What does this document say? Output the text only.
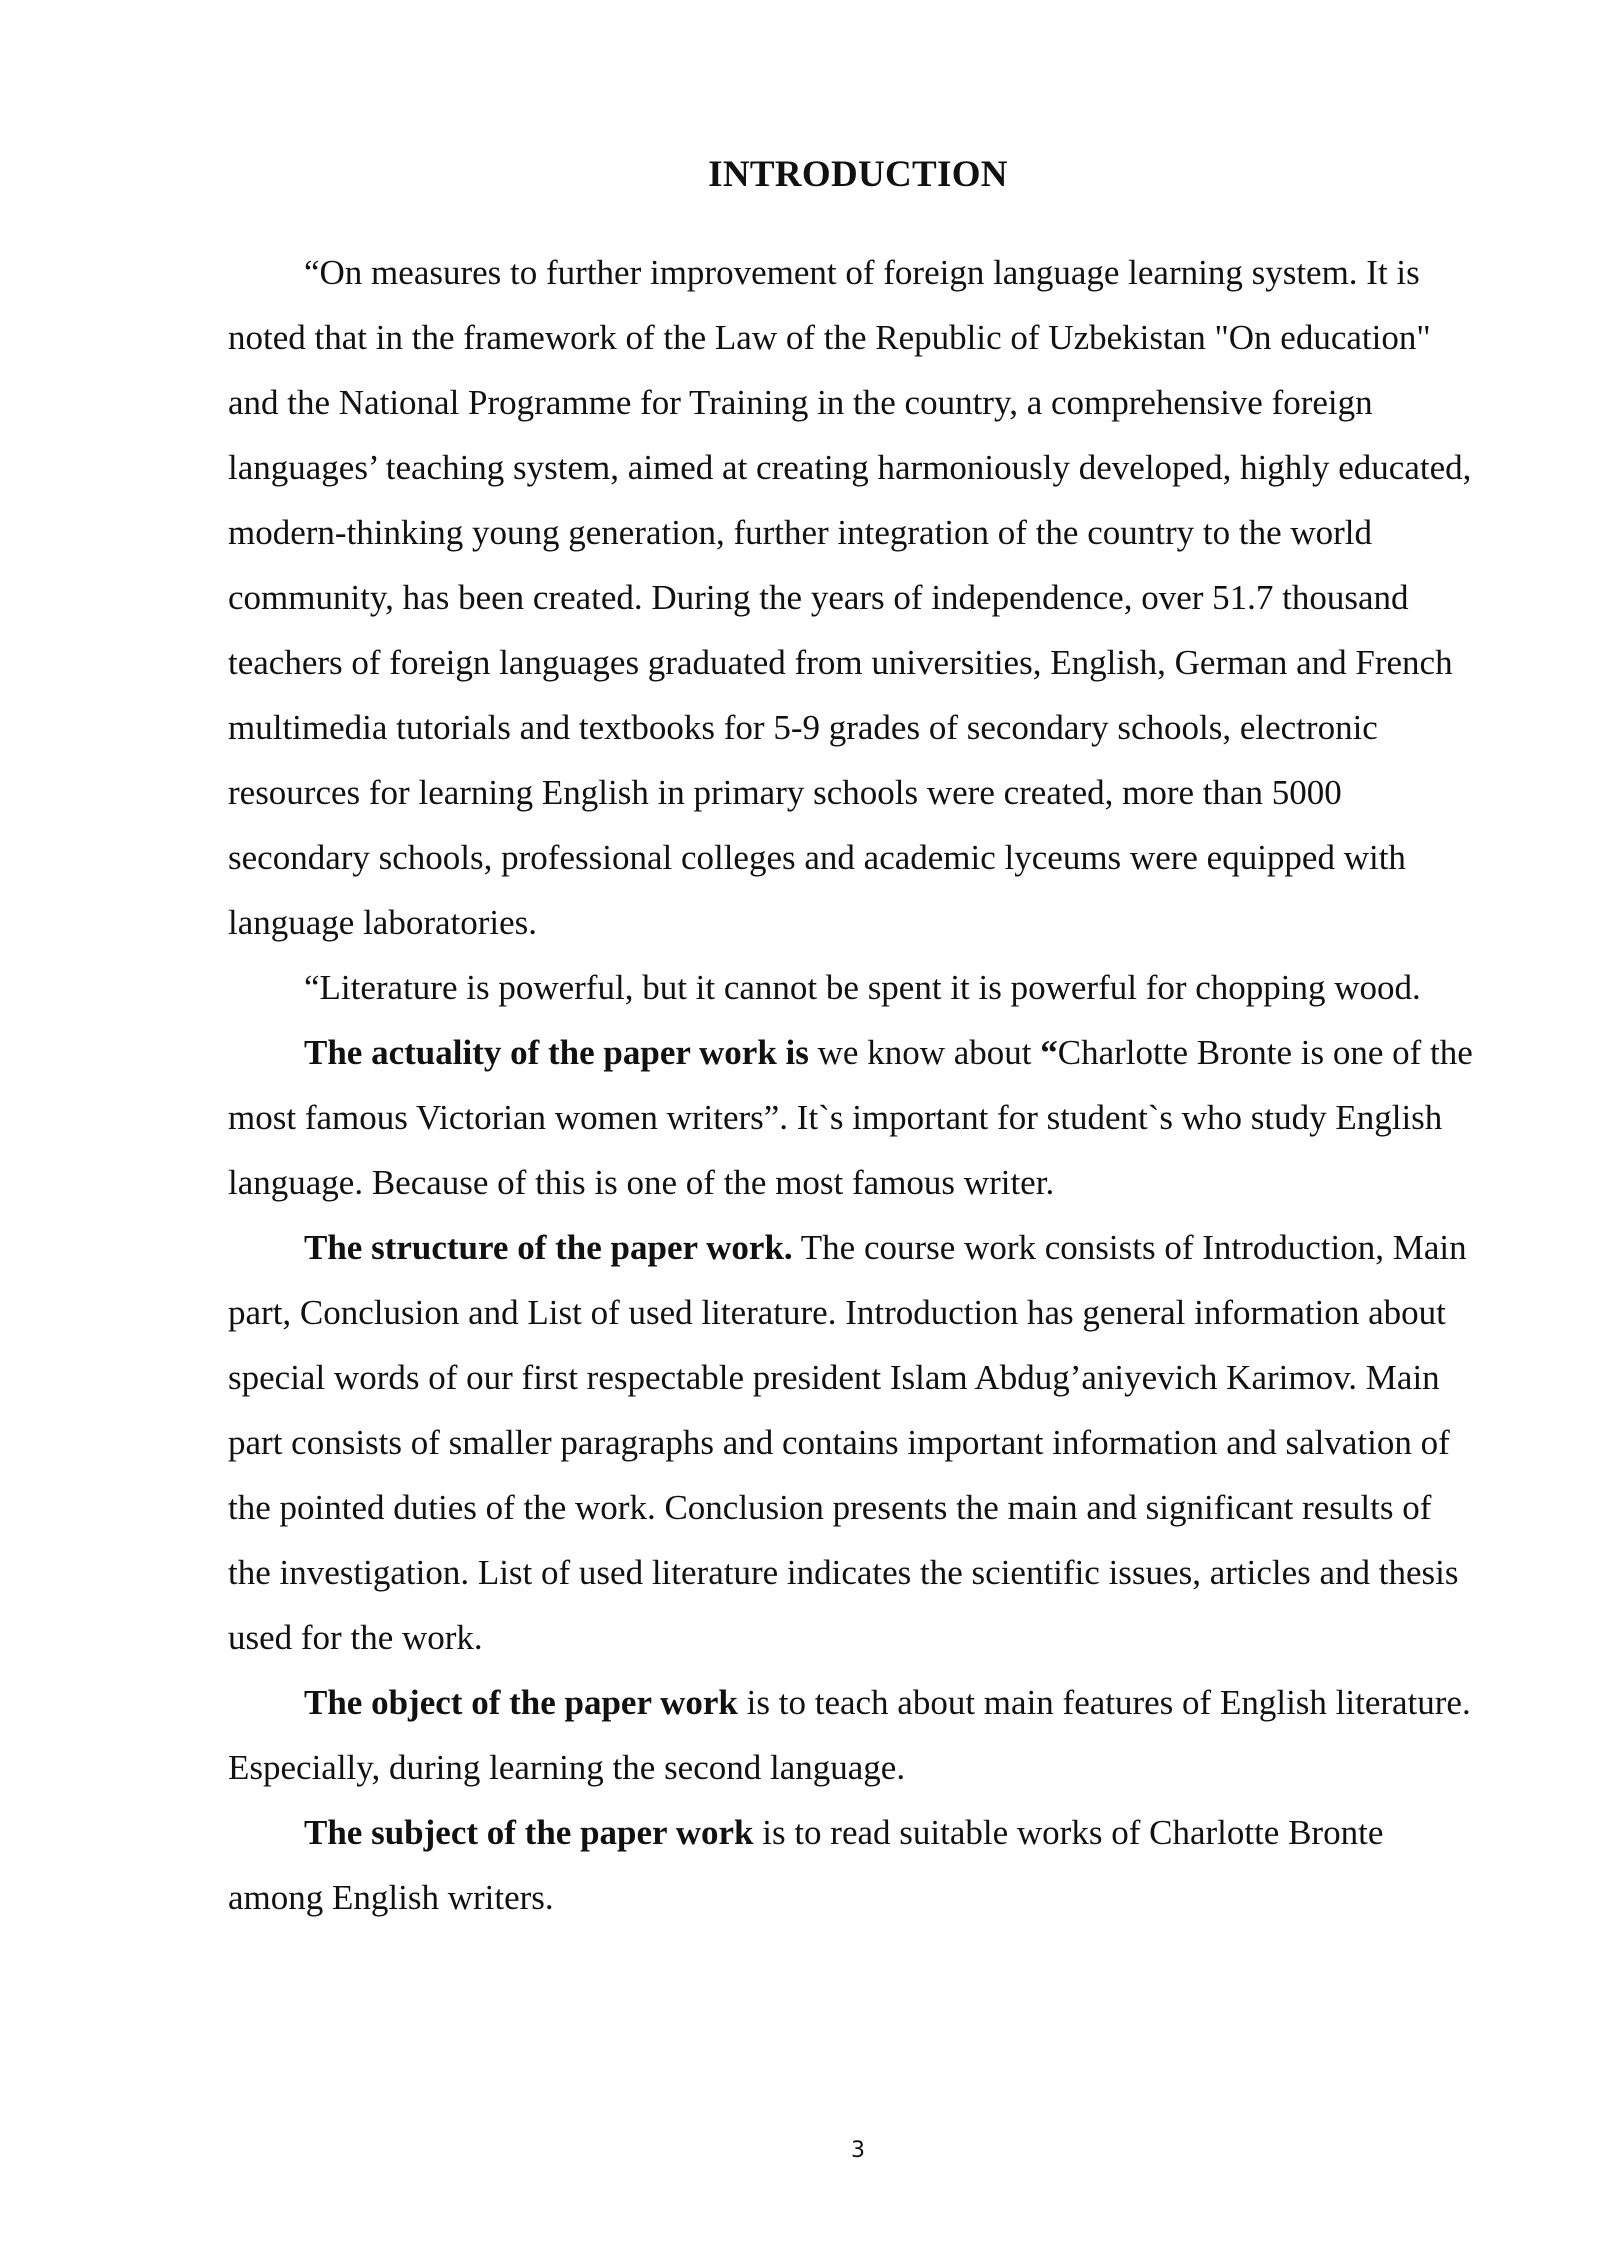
INTRODUCTION

“On measures to further improvement of foreign language learning system. It is noted that in the framework of the Law of the Republic of Uzbekistan "On education" and the National Programme for Training in the country, a comprehensive foreign languages’ teaching system, aimed at creating harmoniously developed, highly educated, modern-thinking young generation, further integration of the country to the world community, has been created. During the years of independence, over 51.7 thousand teachers of foreign languages graduated from universities, English, German and French multimedia tutorials and textbooks for 5-9 grades of secondary schools, electronic resources for learning English in primary schools were created, more than 5000 secondary schools, professional colleges and academic lyceums were equipped with language laboratories.

“Literature is powerful, but it cannot be spent it is powerful for chopping wood.

The actuality of the paper work is we know about “Charlotte Bronte is one of the most famous Victorian women writers”. It`s important for student`s who study English language. Because of this is one of the most famous writer.

The structure of the paper work. The course work consists of Introduction, Main part, Conclusion and List of used literature. Introduction has general information about special words of our first respectable president Islam Abdug’aniyevich Karimov. Main part consists of smaller paragraphs and contains important information and salvation of the pointed duties of the work. Conclusion presents the main and significant results of the investigation. List of used literature indicates the scientific issues, articles and thesis used for the work.

The object of the paper work is to teach about main features of English literature. Especially, during learning the second language.

The subject of the paper work is to read suitable works of Charlotte Bronte among English writers.

3
